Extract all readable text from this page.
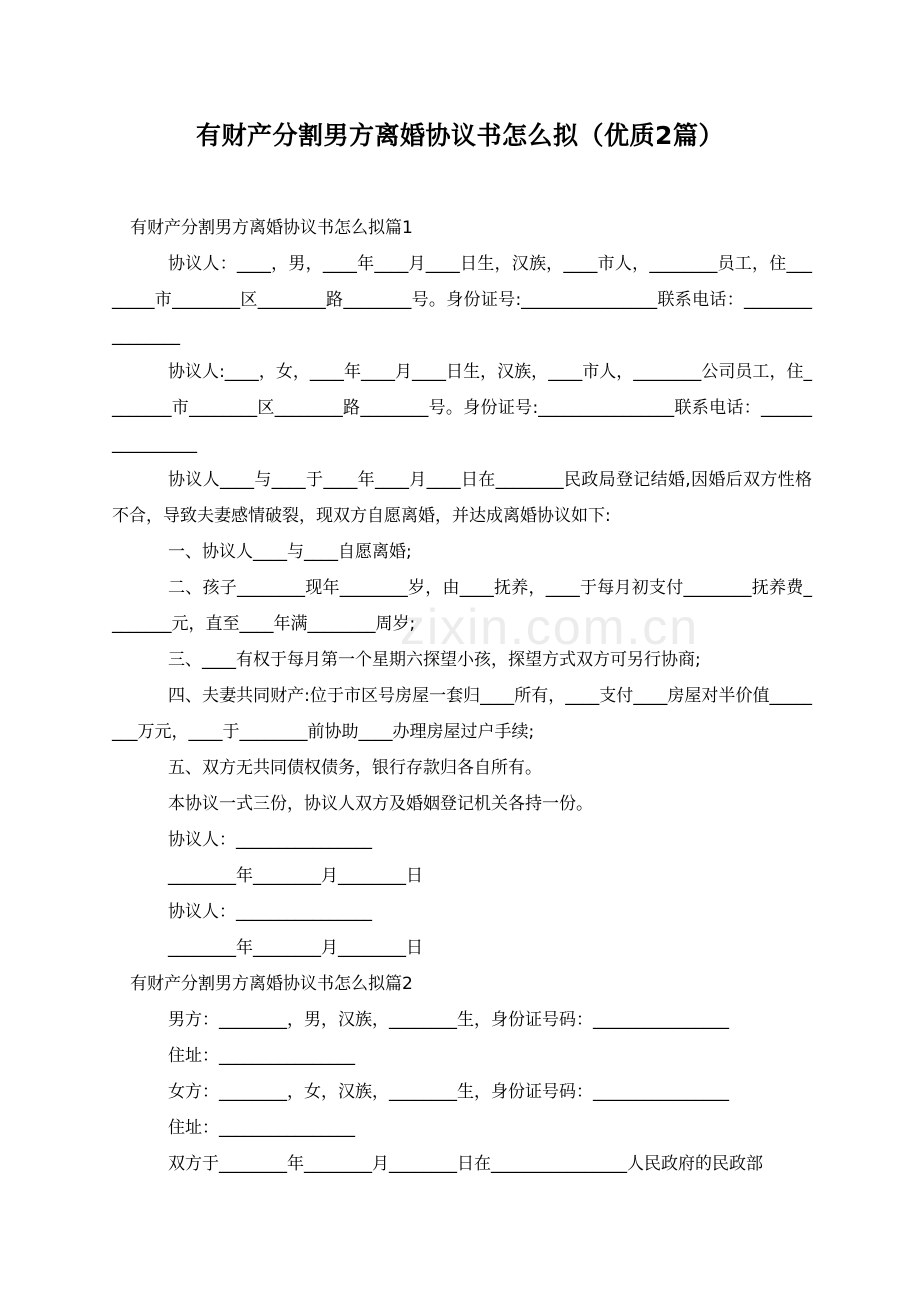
zixin.com.cn
有财产分割男方离婚协议书怎么拟（优质2篇）

有财产分割男方离婚协议书怎么拟篇1

协议人：____，男，____年____月____日生，汉族，____市人，________员工，住________市________区________路________号。身份证号:________________联系电话：________________

协议人:____，女，____年____月____日生，汉族，____市人，________公司员工，住________市________区________路________号。身份证号:________________联系电话：________________

协议人____与____于____年____月____日在________民政局登记结婚,因婚后双方性格不合，导致夫妻感情破裂，现双方自愿离婚，并达成离婚协议如下:

一、协议人____与____自愿离婚;

二、孩子________现年________岁，由____抚养，____于每月初支付________抚养费________元，直至____年满________周岁;

三、____有权于每月第一个星期六探望小孩，探望方式双方可另行协商;

四、夫妻共同财产:位于市区号房屋一套归____所有，____支付____房屋对半价值________万元，____于________前协助____办理房屋过户手续;

五、双方无共同债权债务，银行存款归各自所有。

本协议一式三份，协议人双方及婚姻登记机关各持一份。

协议人：________________

________年________月________日

协议人：________________

________年________月________日

有财产分割男方离婚协议书怎么拟篇2

男方：________，男，汉族，________生，身份证号码：________________

住址：________________

女方：________，女，汉族，________生，身份证号码：________________

住址：________________

双方于________年________月________日在________________人民政府的民政部
